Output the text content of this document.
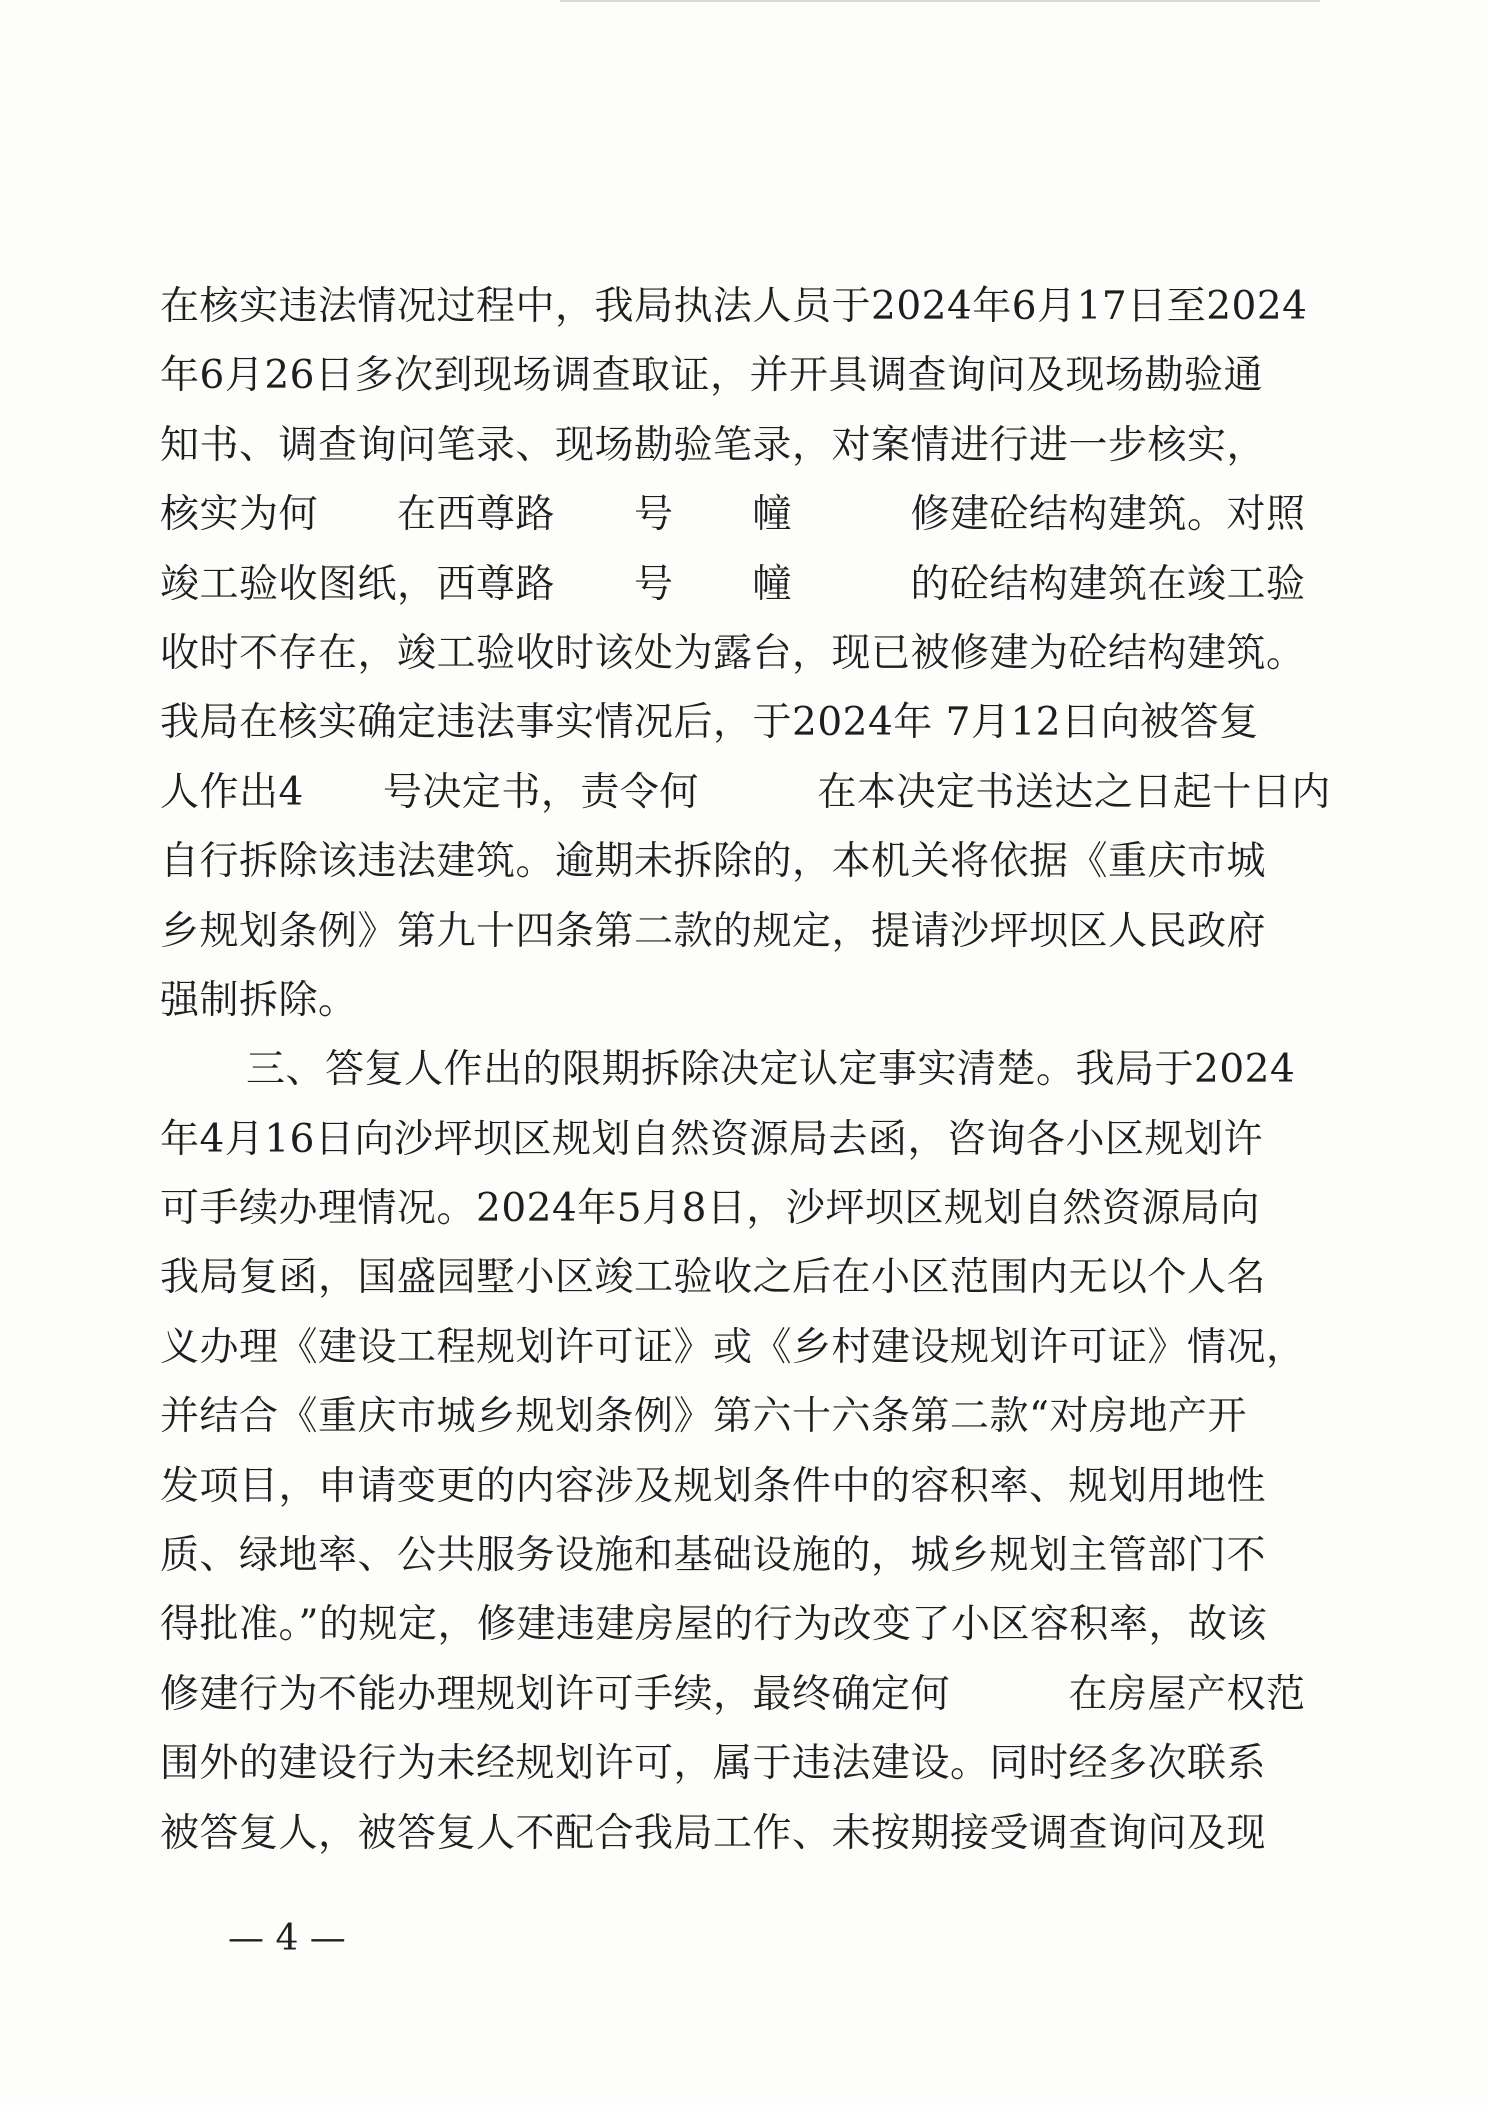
在核实违法情况过程中，我局执法人员于2024年6月17日至2024
年6月26日多次到现场调查取证，并开具调查询问及现场勘验通
知书、调查询问笔录、现场勘验笔录，对案情进行进一步核实，
核实为何　　在西尊路　　号　　幢　　　修建砼结构建筑。对照
竣工验收图纸，西尊路　　号　　幢　　　的砼结构建筑在竣工验
收时不存在，竣工验收时该处为露台，现已被修建为砼结构建筑。
我局在核实确定违法事实情况后，于2024年 7月12日向被答复
人作出4　　号决定书，责令何　　　在本决定书送达之日起十日内
自行拆除该违法建筑。逾期未拆除的，本机关将依据《重庆市城
乡规划条例》第九十四条第二款的规定，提请沙坪坝区人民政府
强制拆除。
三、答复人作出的限期拆除决定认定事实清楚。我局于2024
年4月16日向沙坪坝区规划自然资源局去函，咨询各小区规划许
可手续办理情况。2024年5月8日，沙坪坝区规划自然资源局向
我局复函，国盛园墅小区竣工验收之后在小区范围内无以个人名
义办理《建设工程规划许可证》或《乡村建设规划许可证》情况，
并结合《重庆市城乡规划条例》第六十六条第二款“对房地产开
发项目，申请变更的内容涉及规划条件中的容积率、规划用地性
质、绿地率、公共服务设施和基础设施的，城乡规划主管部门不
得批准。”的规定，修建违建房屋的行为改变了小区容积率，故该
修建行为不能办理规划许可手续，最终确定何　　　在房屋产权范
围外的建设行为未经规划许可，属于违法建设。同时经多次联系
被答复人，被答复人不配合我局工作、未按期接受调查询问及现
— 4 —
